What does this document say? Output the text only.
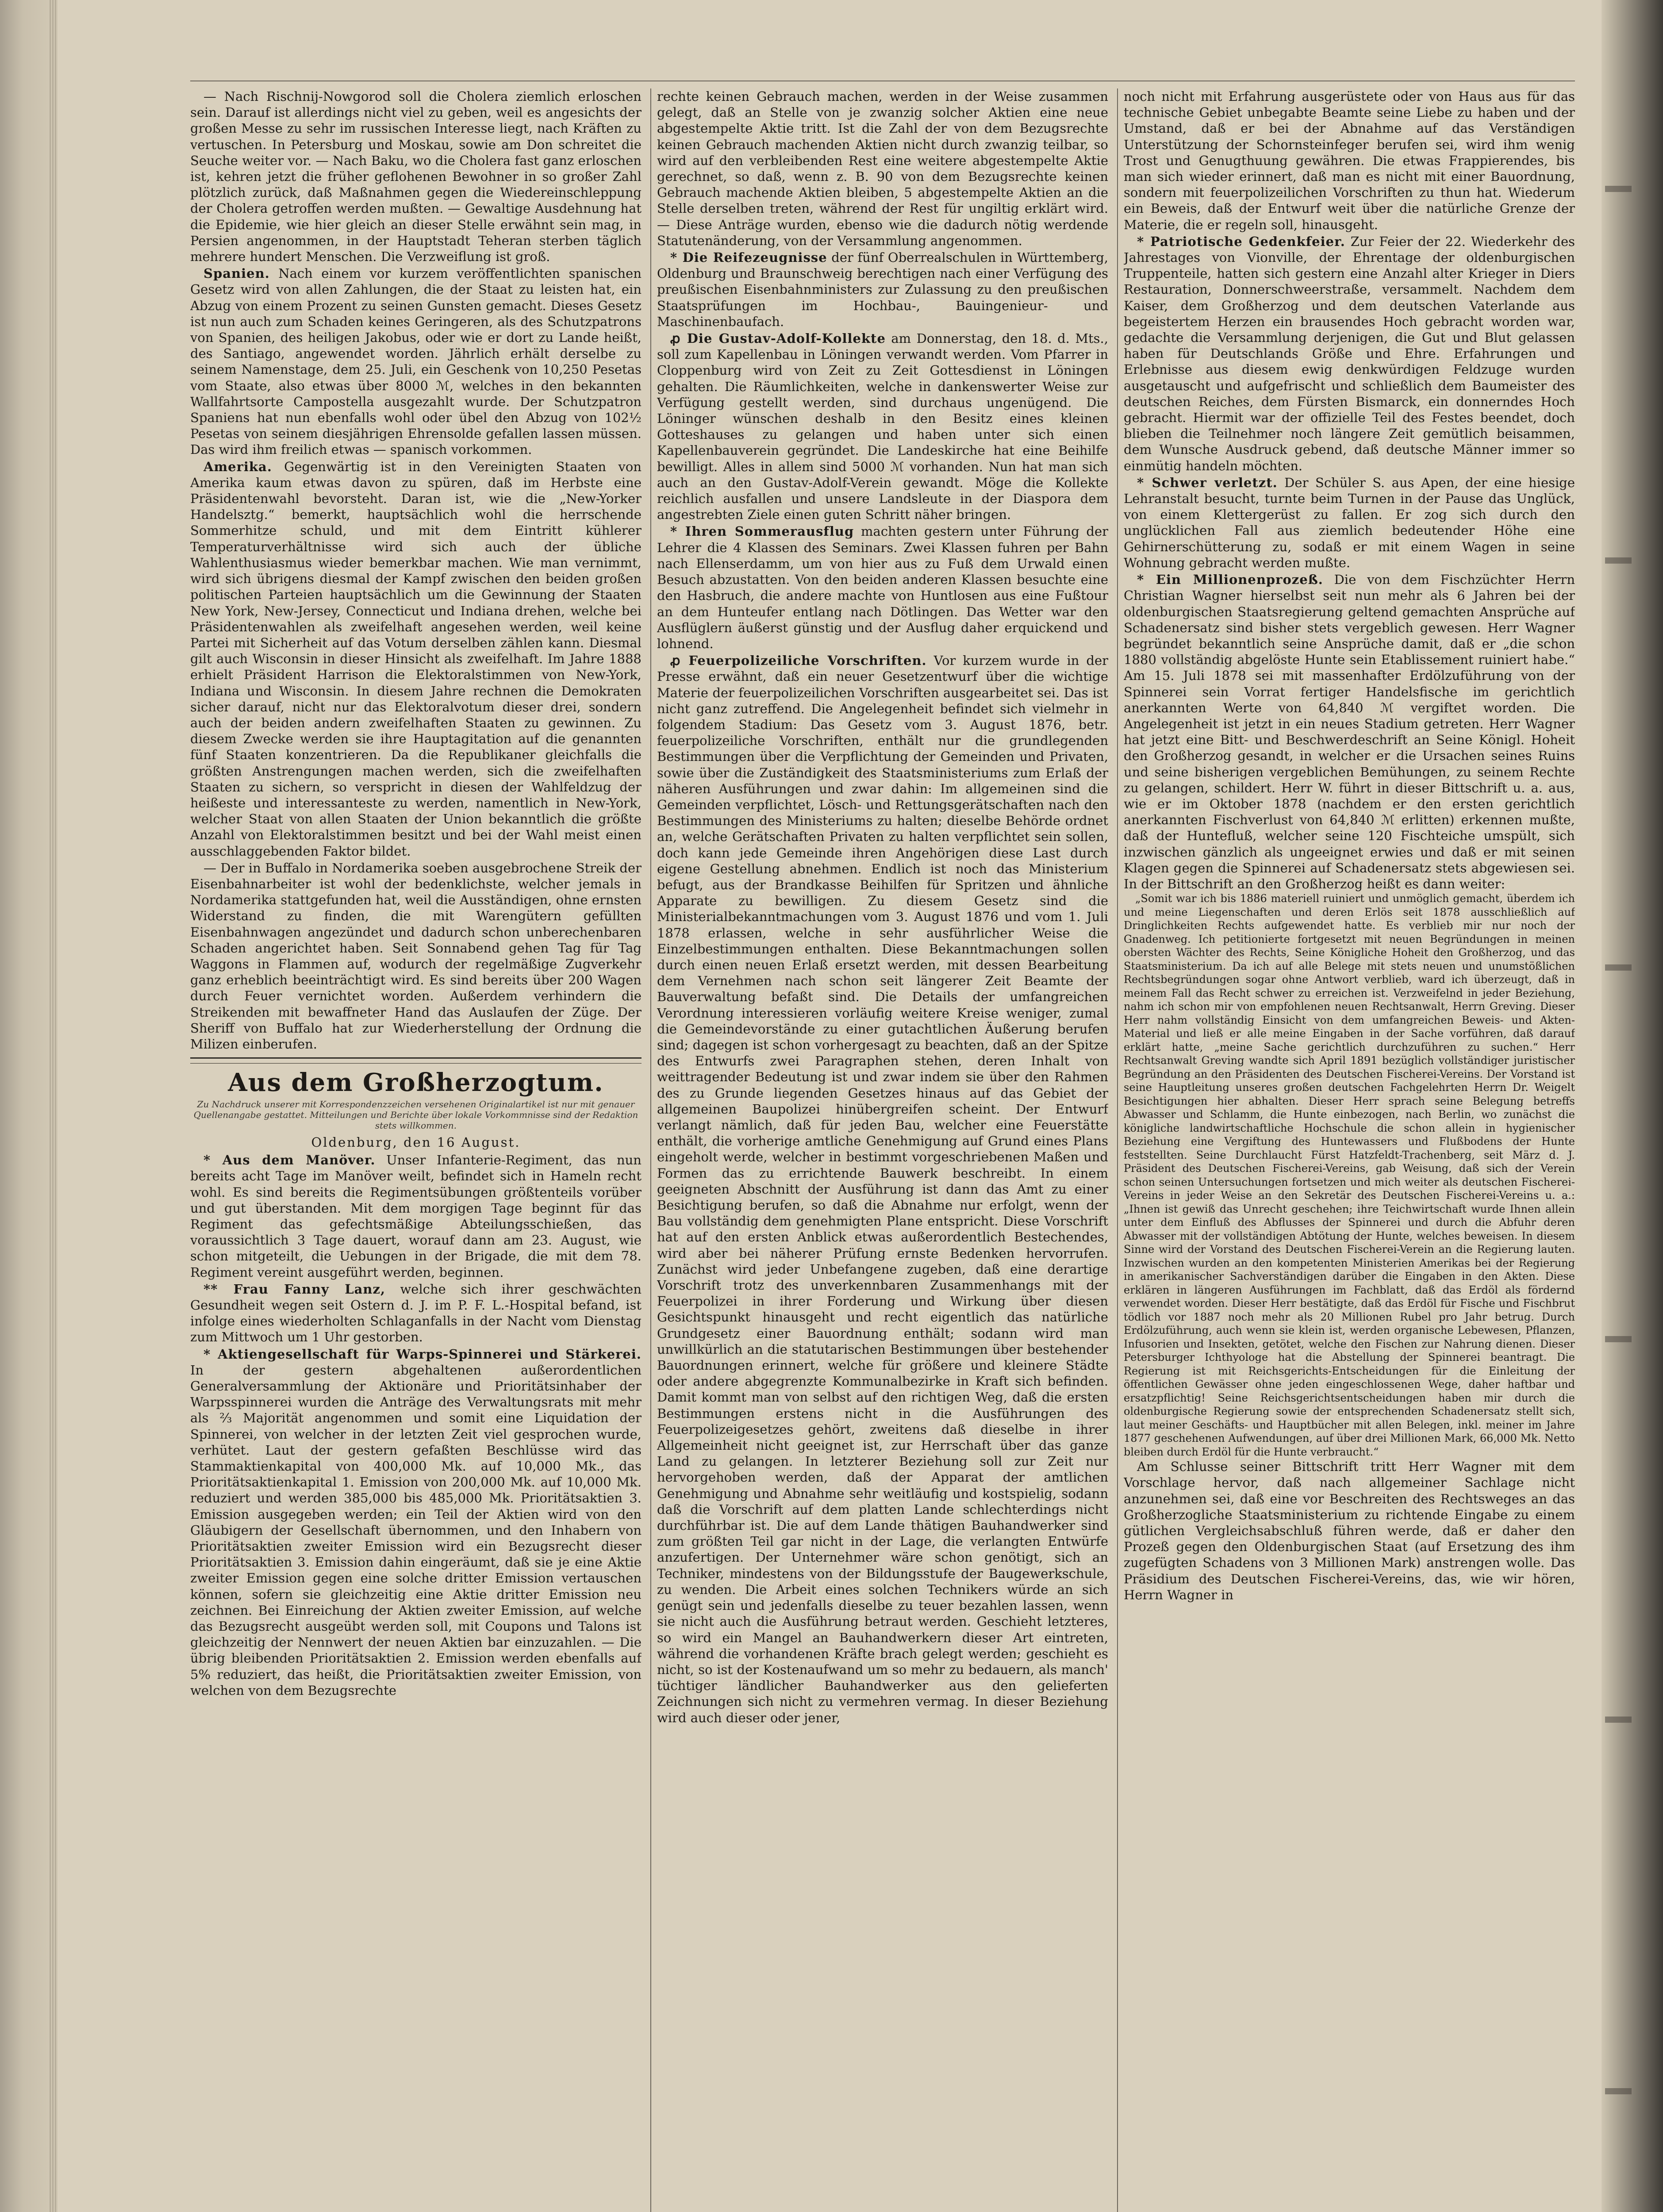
— Nach Rischnij-Nowgorod soll die Cholera ziemlich erloschen sein. Darauf ist allerdings nicht viel zu geben, weil es angesichts der großen Messe zu sehr im russischen Interesse liegt, nach Kräften zu vertuschen. In Petersburg und Moskau, sowie am Don schreitet die Seuche weiter vor. — Nach Baku, wo die Cholera fast ganz erloschen ist, kehren jetzt die früher geflohenen Bewohner in so großer Zahl plötzlich zurück, daß Maßnahmen gegen die Wiedereinschleppung der Cholera getroffen werden mußten. — Gewaltige Ausdehnung hat die Epidemie, wie hier gleich an dieser Stelle erwähnt sein mag, in Persien angenommen, in der Hauptstadt Teheran sterben täglich mehrere hundert Menschen. Die Verzweiflung ist groß.

Spanien. Nach einem vor kurzem veröffentlichten spanischen Gesetz wird von allen Zahlungen, die der Staat zu leisten hat, ein Abzug von einem Prozent zu seinen Gunsten gemacht. Dieses Gesetz ist nun auch zum Schaden keines Geringeren, als des Schutzpatrons von Spanien, des heiligen Jakobus, oder wie er dort zu Lande heißt, des Santiago, angewendet worden. Jährlich erhält derselbe zu seinem Namenstage, dem 25. Juli, ein Geschenk von 10,250 Pesetas vom Staate, also etwas über 8000 ℳ, welches in den bekannten Wallfahrtsorte Campostella ausgezahlt wurde. Der Schutzpatron Spaniens hat nun ebenfalls wohl oder übel den Abzug von 102½ Pesetas von seinem diesjährigen Ehrensolde gefallen lassen müssen. Das wird ihm freilich etwas — spanisch vorkommen.

Amerika. Gegenwärtig ist in den Vereinigten Staaten von Amerika kaum etwas davon zu spüren, daß im Herbste eine Präsidentenwahl bevorsteht. Daran ist, wie die „New-Yorker Handelsztg.“ bemerkt, hauptsächlich wohl die herrschende Sommerhitze schuld, und mit dem Eintritt kühlerer Temperaturverhältnisse wird sich auch der übliche Wahlenthusiasmus wieder bemerkbar machen. Wie man vernimmt, wird sich übrigens diesmal der Kampf zwischen den beiden großen politischen Parteien hauptsächlich um die Gewinnung der Staaten New York, New-Jersey, Connecticut und Indiana drehen, welche bei Präsidentenwahlen als zweifelhaft angesehen werden, weil keine Partei mit Sicherheit auf das Votum derselben zählen kann. Diesmal gilt auch Wisconsin in dieser Hinsicht als zweifelhaft. Im Jahre 1888 erhielt Präsident Harrison die Elektoralstimmen von New-York, Indiana und Wisconsin. In diesem Jahre rechnen die Demokraten sicher darauf, nicht nur das Elektoralvotum dieser drei, sondern auch der beiden andern zweifelhaften Staaten zu gewinnen. Zu diesem Zwecke werden sie ihre Hauptagitation auf die genannten fünf Staaten konzentrieren. Da die Republikaner gleichfalls die größten Anstrengungen machen werden, sich die zweifelhaften Staaten zu sichern, so verspricht in diesen der Wahlfeldzug der heißeste und interessanteste zu werden, namentlich in New-York, welcher Staat von allen Staaten der Union bekanntlich die größte Anzahl von Elektoralstimmen besitzt und bei der Wahl meist einen ausschlaggebenden Faktor bildet.

— Der in Buffalo in Nordamerika soeben ausgebrochene Streik der Eisenbahnarbeiter ist wohl der bedenklichste, welcher jemals in Nordamerika stattgefunden hat, weil die Ausständigen, ohne ernsten Widerstand zu finden, die mit Warengütern gefüllten Eisenbahnwagen angezündet und dadurch schon unberechenbaren Schaden angerichtet haben. Seit Sonnabend gehen Tag für Tag Waggons in Flammen auf, wodurch der regelmäßige Zugverkehr ganz erheblich beeinträchtigt wird. Es sind bereits über 200 Wagen durch Feuer vernichtet worden. Außerdem verhindern die Streikenden mit bewaffneter Hand das Auslaufen der Züge. Der Sheriff von Buffalo hat zur Wiederherstellung der Ordnung die Milizen einberufen.

Aus dem Großherzogtum.
Zu Nachdruck unserer mit Korrespondenzzeichen versehenen Originalartikel ist nur mit genauer Quellenangabe gestattet. Mitteilungen und Berichte über lokale Vorkommnisse sind der Redaktion stets willkommen.
Oldenburg, den 16 August.

* Aus dem Manöver. Unser Infanterie-Regiment, das nun bereits acht Tage im Manöver weilt, befindet sich in Hameln recht wohl. Es sind bereits die Regimentsübungen größtenteils vorüber und gut überstanden. Mit dem morgigen Tage beginnt für das Regiment das gefechtsmäßige Abteilungsschießen, das voraussichtlich 3 Tage dauert, worauf dann am 23. August, wie schon mitgeteilt, die Uebungen in der Brigade, die mit dem 78. Regiment vereint ausgeführt werden, beginnen.

** Frau Fanny Lanz, welche sich ihrer geschwächten Gesundheit wegen seit Ostern d. J. im P. F. L.-Hospital befand, ist infolge eines wiederholten Schlaganfalls in der Nacht vom Dienstag zum Mittwoch um 1 Uhr gestorben.

* Aktiengesellschaft für Warps-Spinnerei und Stärkerei. In der gestern abgehaltenen außerordentlichen Generalversammlung der Aktionäre und Prioritätsinhaber der Warpsspinnerei wurden die Anträge des Verwaltungsrats mit mehr als ⅔ Majorität angenommen und somit eine Liquidation der Spinnerei, von welcher in der letzten Zeit viel gesprochen wurde, verhütet. Laut der gestern gefaßten Beschlüsse wird das Stammaktienkapital von 400,000 Mk. auf 10,000 Mk., das Prioritätsaktienkapital 1. Emission von 200,000 Mk. auf 10,000 Mk. reduziert und werden 385,000 bis 485,000 Mk. Prioritätsaktien 3. Emission ausgegeben werden; ein Teil der Aktien wird von den Gläubigern der Gesellschaft übernommen, und den Inhabern von Prioritätsaktien zweiter Emission wird ein Bezugsrecht dieser Prioritätsaktien 3. Emission dahin eingeräumt, daß sie je eine Aktie zweiter Emission gegen eine solche dritter Emission vertauschen können, sofern sie gleichzeitig eine Aktie dritter Emission neu zeichnen. Bei Einreichung der Aktien zweiter Emission, auf welche das Bezugsrecht ausgeübt werden soll, mit Coupons und Talons ist gleichzeitig der Nennwert der neuen Aktien bar einzuzahlen. — Die übrig bleibenden Prioritätsaktien 2. Emission werden ebenfalls auf 5% reduziert, das heißt, die Prioritätsaktien zweiter Emission, von welchen von dem Bezugsrechte

rechte keinen Gebrauch machen, werden in der Weise zusammen gelegt, daß an Stelle von je zwanzig solcher Aktien eine neue abgestempelte Aktie tritt. Ist die Zahl der von dem Bezugsrechte keinen Gebrauch machenden Aktien nicht durch zwanzig teilbar, so wird auf den verbleibenden Rest eine weitere abgestempelte Aktie gerechnet, so daß, wenn z. B. 90 von dem Bezugsrechte keinen Gebrauch machende Aktien bleiben, 5 abgestempelte Aktien an die Stelle derselben treten, während der Rest für ungiltig erklärt wird. — Diese Anträge wurden, ebenso wie die dadurch nötig werdende Statutenänderung, von der Versammlung angenommen.

* Die Reifezeugnisse der fünf Oberrealschulen in Württemberg, Oldenburg und Braunschweig berechtigen nach einer Verfügung des preußischen Eisenbahnministers zur Zulassung zu den preußischen Staatsprüfungen im Hochbau-, Bauingenieur- und Maschinenbaufach.

ꝓ Die Gustav-Adolf-Kollekte am Donnerstag, den 18. d. Mts., soll zum Kapellenbau in Löningen verwandt werden. Vom Pfarrer in Cloppenburg wird von Zeit zu Zeit Gottesdienst in Löningen gehalten. Die Räumlichkeiten, welche in dankenswerter Weise zur Verfügung gestellt werden, sind durchaus ungenügend. Die Löninger wünschen deshalb in den Besitz eines kleinen Gotteshauses zu gelangen und haben unter sich einen Kapellenbauverein gegründet. Die Landeskirche hat eine Beihilfe bewilligt. Alles in allem sind 5000 ℳ vorhanden. Nun hat man sich auch an den Gustav-Adolf-Verein gewandt. Möge die Kollekte reichlich ausfallen und unsere Landsleute in der Diaspora dem angestrebten Ziele einen guten Schritt näher bringen.

* Ihren Sommerausflug machten gestern unter Führung der Lehrer die 4 Klassen des Seminars. Zwei Klassen fuhren per Bahn nach Ellenserdamm, um von hier aus zu Fuß dem Urwald einen Besuch abzustatten. Von den beiden anderen Klassen besuchte eine den Hasbruch, die andere machte von Huntlosen aus eine Fußtour an dem Hunteufer entlang nach Dötlingen. Das Wetter war den Ausflüglern äußerst günstig und der Ausflug daher erquickend und lohnend.

ꝓ Feuerpolizeiliche Vorschriften. Vor kurzem wurde in der Presse erwähnt, daß ein neuer Gesetzentwurf über die wichtige Materie der feuerpolizeilichen Vorschriften ausgearbeitet sei. Das ist nicht ganz zutreffend. Die Angelegenheit befindet sich vielmehr in folgendem Stadium: Das Gesetz vom 3. August 1876, betr. feuerpolizeiliche Vorschriften, enthält nur die grundlegenden Bestimmungen über die Verpflichtung der Gemeinden und Privaten, sowie über die Zuständigkeit des Staatsministeriums zum Erlaß der näheren Ausführungen und zwar dahin: Im allgemeinen sind die Gemeinden verpflichtet, Lösch- und Rettungsgerätschaften nach den Bestimmungen des Ministeriums zu halten; dieselbe Behörde ordnet an, welche Gerätschaften Privaten zu halten verpflichtet sein sollen, doch kann jede Gemeinde ihren Angehörigen diese Last durch eigene Gestellung abnehmen. Endlich ist noch das Ministerium befugt, aus der Brandkasse Beihilfen für Spritzen und ähnliche Apparate zu bewilligen. Zu diesem Gesetz sind die Ministerialbekanntmachungen vom 3. August 1876 und vom 1. Juli 1878 erlassen, welche in sehr ausführlicher Weise die Einzelbestimmungen enthalten. Diese Bekanntmachungen sollen durch einen neuen Erlaß ersetzt werden, mit dessen Bearbeitung dem Vernehmen nach schon seit längerer Zeit Beamte der Bauverwaltung befaßt sind. Die Details der umfangreichen Verordnung interessieren vorläufig weitere Kreise weniger, zumal die Gemeindevorstände zu einer gutachtlichen Äußerung berufen sind; dagegen ist schon vorhergesagt zu beachten, daß an der Spitze des Entwurfs zwei Paragraphen stehen, deren Inhalt von weittragender Bedeutung ist und zwar indem sie über den Rahmen des zu Grunde liegenden Gesetzes hinaus auf das Gebiet der allgemeinen Baupolizei hinübergreifen scheint. Der Entwurf verlangt nämlich, daß für jeden Bau, welcher eine Feuerstätte enthält, die vorherige amtliche Genehmigung auf Grund eines Plans eingeholt werde, welcher in bestimmt vorgeschriebenen Maßen und Formen das zu errichtende Bauwerk beschreibt. In einem geeigneten Abschnitt der Ausführung ist dann das Amt zu einer Besichtigung berufen, so daß die Abnahme nur erfolgt, wenn der Bau vollständig dem genehmigten Plane entspricht. Diese Vorschrift hat auf den ersten Anblick etwas außerordentlich Bestechendes, wird aber bei näherer Prüfung ernste Bedenken hervorrufen. Zunächst wird jeder Unbefangene zugeben, daß eine derartige Vorschrift trotz des unverkennbaren Zusammenhangs mit der Feuerpolizei in ihrer Forderung und Wirkung über diesen Gesichtspunkt hinausgeht und recht eigentlich das natürliche Grundgesetz einer Bauordnung enthält; sodann wird man unwillkürlich an die statutarischen Bestimmungen über bestehender Bauordnungen erinnert, welche für größere und kleinere Städte oder andere abgegrenzte Kommunalbezirke in Kraft sich befinden. Damit kommt man von selbst auf den richtigen Weg, daß die ersten Bestimmungen erstens nicht in die Ausführungen des Feuerpolizeigesetzes gehört, zweitens daß dieselbe in ihrer Allgemeinheit nicht geeignet ist, zur Herrschaft über das ganze Land zu gelangen. In letzterer Beziehung soll zur Zeit nur hervorgehoben werden, daß der Apparat der amtlichen Genehmigung und Abnahme sehr weitläufig und kostspielig, sodann daß die Vorschrift auf dem platten Lande schlechterdings nicht durchführbar ist. Die auf dem Lande thätigen Bauhandwerker sind zum größten Teil gar nicht in der Lage, die verlangten Entwürfe anzufertigen. Der Unternehmer wäre schon genötigt, sich an Techniker, mindestens von der Bildungsstufe der Baugewerkschule, zu wenden. Die Arbeit eines solchen Technikers würde an sich genügt sein und jedenfalls dieselbe zu teuer bezahlen lassen, wenn sie nicht auch die Ausführung betraut werden. Geschieht letzteres, so wird ein Mangel an Bauhandwerkern dieser Art eintreten, während die vorhandenen Kräfte brach gelegt werden; geschieht es nicht, so ist der Kostenaufwand um so mehr zu bedauern, als manch' tüchtiger ländlicher Bauhandwerker aus den gelieferten Zeichnungen sich nicht zu vermehren vermag. In dieser Beziehung wird auch dieser oder jener,

noch nicht mit Erfahrung ausgerüstete oder von Haus aus für das technische Gebiet unbegabte Beamte seine Liebe zu haben und der Umstand, daß er bei der Abnahme auf das Verständigen Unterstützung der Schornsteinfeger berufen sei, wird ihm wenig Trost und Genugthuung gewähren. Die etwas Frappierendes, bis man sich wieder erinnert, daß man es nicht mit einer Bauordnung, sondern mit feuerpolizeilichen Vorschriften zu thun hat. Wiederum ein Beweis, daß der Entwurf weit über die natürliche Grenze der Materie, die er regeln soll, hinausgeht.

* Patriotische Gedenkfeier. Zur Feier der 22. Wiederkehr des Jahrestages von Vionville, der Ehrentage der oldenburgischen Truppenteile, hatten sich gestern eine Anzahl alter Krieger in Diers Restauration, Donnerschweerstraße, versammelt. Nachdem dem Kaiser, dem Großherzog und dem deutschen Vaterlande aus begeistertem Herzen ein brausendes Hoch gebracht worden war, gedachte die Versammlung derjenigen, die Gut und Blut gelassen haben für Deutschlands Größe und Ehre. Erfahrungen und Erlebnisse aus diesem ewig denkwürdigen Feldzuge wurden ausgetauscht und aufgefrischt und schließlich dem Baumeister des deutschen Reiches, dem Fürsten Bismarck, ein donnerndes Hoch gebracht. Hiermit war der offizielle Teil des Festes beendet, doch blieben die Teilnehmer noch längere Zeit gemütlich beisammen, dem Wunsche Ausdruck gebend, daß deutsche Männer immer so einmütig handeln möchten.

* Schwer verletzt. Der Schüler S. aus Apen, der eine hiesige Lehranstalt besucht, turnte beim Turnen in der Pause das Unglück, von einem Klettergerüst zu fallen. Er zog sich durch den unglücklichen Fall aus ziemlich bedeutender Höhe eine Gehirnerschütterung zu, sodaß er mit einem Wagen in seine Wohnung gebracht werden mußte.

* Ein Millionenprozeß. Die von dem Fischzüchter Herrn Christian Wagner hierselbst seit nun mehr als 6 Jahren bei der oldenburgischen Staatsregierung geltend gemachten Ansprüche auf Schadenersatz sind bisher stets vergeblich gewesen. Herr Wagner begründet bekanntlich seine Ansprüche damit, daß er „die schon 1880 vollständig abgelöste Hunte sein Etablissement ruiniert habe.“ Am 15. Juli 1878 sei mit massenhafter Erdölzuführung von der Spinnerei sein Vorrat fertiger Handelsfische im gerichtlich anerkannten Werte von 64,840 ℳ vergiftet worden. Die Angelegenheit ist jetzt in ein neues Stadium getreten. Herr Wagner hat jetzt eine Bitt- und Beschwerdeschrift an Seine Königl. Hoheit den Großherzog gesandt, in welcher er die Ursachen seines Ruins und seine bisherigen vergeblichen Bemühungen, zu seinem Rechte zu gelangen, schildert. Herr W. führt in dieser Bittschrift u. a. aus, wie er im Oktober 1878 (nachdem er den ersten gerichtlich anerkannten Fischverlust von 64,840 ℳ erlitten) erkennen mußte, daß der Huntefluß, welcher seine 120 Fischteiche umspült, sich inzwischen gänzlich als ungeeignet erwies und daß er mit seinen Klagen gegen die Spinnerei auf Schadenersatz stets abgewiesen sei. In der Bittschrift an den Großherzog heißt es dann weiter:

„Somit war ich bis 1886 materiell ruiniert und unmöglich gemacht, überdem ich und meine Liegenschaften und deren Erlös seit 1878 ausschließlich auf Dringlichkeiten Rechts aufgewendet hatte. Es verblieb mir nur noch der Gnadenweg. Ich petitionierte fortgesetzt mit neuen Begründungen in meinen obersten Wächter des Rechts, Seine Königliche Hoheit den Großherzog, und das Staatsministerium. Da ich auf alle Belege mit stets neuen und unumstößlichen Rechtsbegründungen sogar ohne Antwort verblieb, ward ich überzeugt, daß in meinem Fall das Recht schwer zu erreichen ist. Verzweifelnd in jeder Beziehung, nahm ich schon mir von empfohlenen neuen Rechtsanwalt, Herrn Greving. Dieser Herr nahm vollständig Einsicht von dem umfangreichen Beweis- und Akten-Material und ließ er alle meine Eingaben in der Sache vorführen, daß darauf erklärt hatte, „meine Sache gerichtlich durchzuführen zu suchen.“ Herr Rechtsanwalt Greving wandte sich April 1891 bezüglich vollständiger juristischer Begründung an den Präsidenten des Deutschen Fischerei-Vereins. Der Vorstand ist seine Hauptleitung unseres großen deutschen Fachgelehrten Herrn Dr. Weigelt Besichtigungen hier abhalten. Dieser Herr sprach seine Belegung betreffs Abwasser und Schlamm, die Hunte einbezogen, nach Berlin, wo zunächst die königliche landwirtschaftliche Hochschule die schon allein in hygienischer Beziehung eine Vergiftung des Huntewassers und Flußbodens der Hunte feststellten. Seine Durchlaucht Fürst Hatzfeldt-Trachenberg, seit März d. J. Präsident des Deutschen Fischerei-Vereins, gab Weisung, daß sich der Verein schon seinen Untersuchungen fortsetzen und mich weiter als deutschen Fischerei-Vereins in jeder Weise an den Sekretär des Deutschen Fischerei-Vereins u. a.: „Ihnen ist gewiß das Unrecht geschehen; ihre Teichwirtschaft wurde Ihnen allein unter dem Einfluß des Abflusses der Spinnerei und durch die Abfuhr deren Abwasser mit der vollständigen Abtötung der Hunte, welches beweisen. In diesem Sinne wird der Vorstand des Deutschen Fischerei-Verein an die Regierung lauten. Inzwischen wurden an den kompetenten Ministerien Amerikas bei der Regierung in amerikanischer Sachverständigen darüber die Eingaben in den Akten. Diese erklären in längeren Ausführungen im Fachblatt, daß das Erdöl als fördernd verwendet worden. Dieser Herr bestätigte, daß das Erdöl für Fische und Fischbrut tödlich vor 1887 noch mehr als 20 Millionen Rubel pro Jahr betrug. Durch Erdölzuführung, auch wenn sie klein ist, werden organische Lebewesen, Pflanzen, Infusorien und Insekten, getötet, welche den Fischen zur Nahrung dienen. Dieser Petersburger Ichthyologe hat die Abstellung der Spinnerei beantragt. Die Regierung ist mit Reichsgerichts-Entscheidungen für die Einleitung der öffentlichen Gewässer ohne jeden eingeschlossenen Wege, daher haftbar und ersatzpflichtig! Seine Reichsgerichtsentscheidungen haben mir durch die oldenburgische Regierung sowie der entsprechenden Schadenersatz stellt sich, laut meiner Geschäfts- und Hauptbücher mit allen Belegen, inkl. meiner im Jahre 1877 geschehenen Aufwendungen, auf über drei Millionen Mark, 66,000 Mk. Netto bleiben durch Erdöl für die Hunte verbraucht.“

Am Schlusse seiner Bittschrift tritt Herr Wagner mit dem Vorschlage hervor, daß nach allgemeiner Sachlage nicht anzunehmen sei, daß eine vor Beschreiten des Rechtsweges an das Großherzogliche Staatsministerium zu richtende Eingabe zu einem gütlichen Vergleichsabschluß führen werde, daß er daher den Prozeß gegen den Oldenburgischen Staat (auf Ersetzung des ihm zugefügten Schadens von 3 Millionen Mark) anstrengen wolle. Das Präsidium des Deutschen Fischerei-Vereins, das, wie wir hören, Herrn Wagner in
